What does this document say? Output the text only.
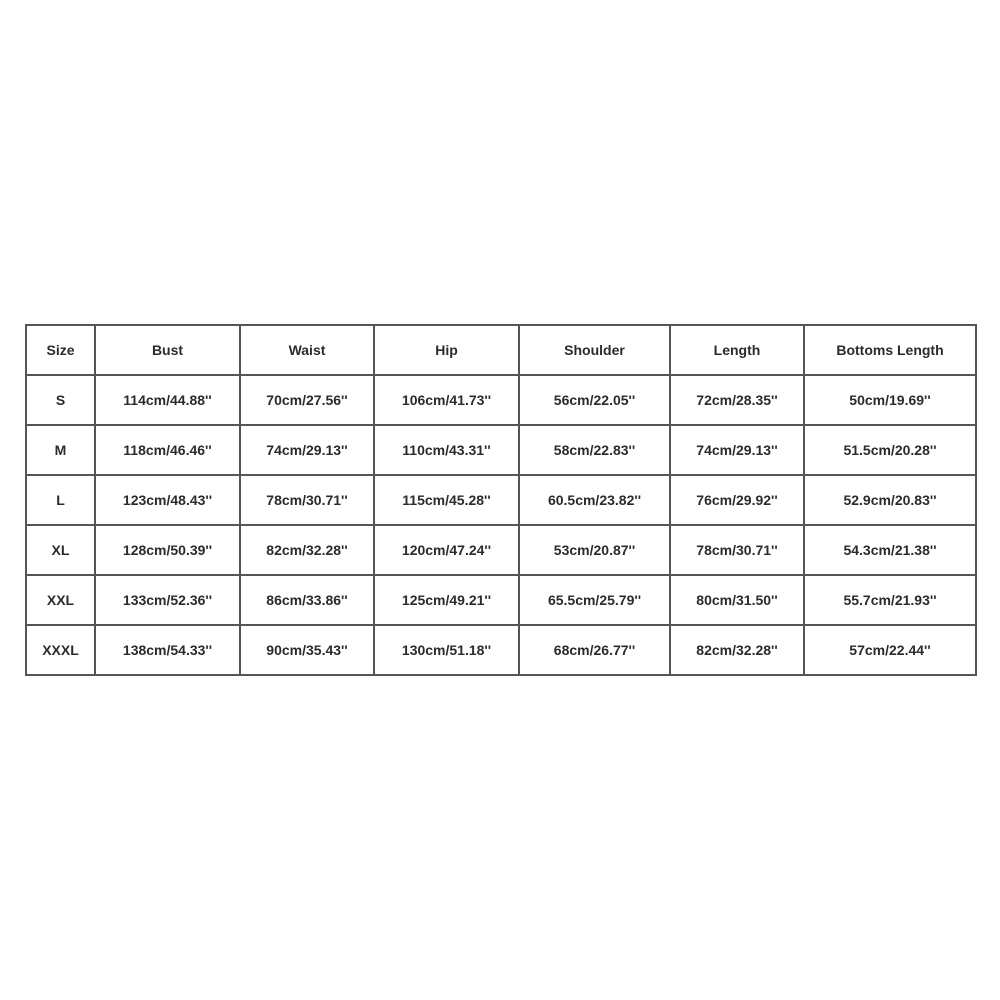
Size	Bust	Waist	Hip	Shoulder	Length	Bottoms Length
S	114cm/44.88''	70cm/27.56''	106cm/41.73''	56cm/22.05''	72cm/28.35''	50cm/19.69''
M	118cm/46.46''	74cm/29.13''	110cm/43.31''	58cm/22.83''	74cm/29.13''	51.5cm/20.28''
L	123cm/48.43''	78cm/30.71''	115cm/45.28''	60.5cm/23.82''	76cm/29.92''	52.9cm/20.83''
XL	128cm/50.39''	82cm/32.28''	120cm/47.24''	53cm/20.87''	78cm/30.71''	54.3cm/21.38''
XXL	133cm/52.36''	86cm/33.86''	125cm/49.21''	65.5cm/25.79''	80cm/31.50''	55.7cm/21.93''
XXXL	138cm/54.33''	90cm/35.43''	130cm/51.18''	68cm/26.77''	82cm/32.28''	57cm/22.44''
